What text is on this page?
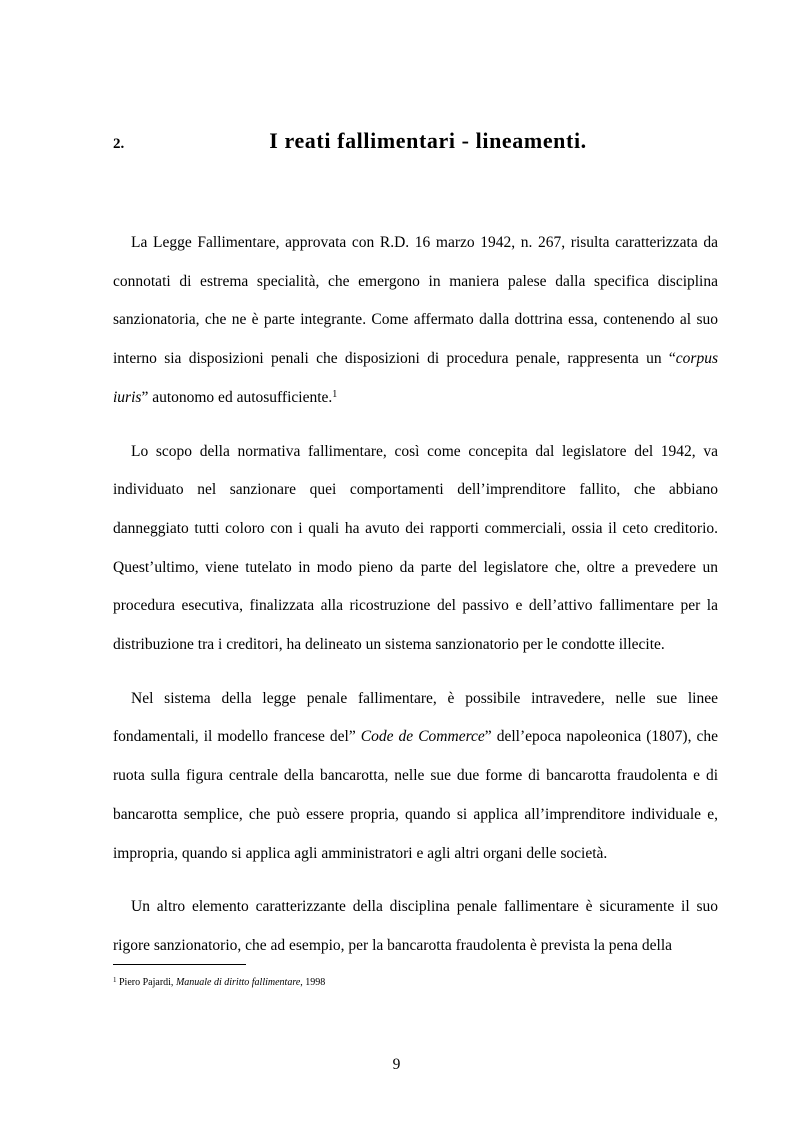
2.	I reati fallimentari - lineamenti.

La Legge Fallimentare, approvata con R.D. 16 marzo 1942, n. 267, risulta caratterizzata da connotati di estrema specialità, che emergono in maniera palese dalla specifica disciplina sanzionatoria, che ne è parte integrante. Come affermato dalla dottrina essa, contenendo al suo interno sia disposizioni penali che disposizioni di procedura penale, rappresenta un “corpus iuris” autonomo ed autosufficiente.$^1$

Lo scopo della normativa fallimentare, così come concepita dal legislatore del 1942, va individuato nel sanzionare quei comportamenti dell’imprenditore fallito, che abbiano danneggiato tutti coloro con i quali ha avuto dei rapporti commerciali, ossia il ceto creditorio. Quest’ultimo, viene tutelato in modo pieno da parte del legislatore che, oltre a prevedere un procedura esecutiva, finalizzata alla ricostruzione del passivo e dell’attivo fallimentare per la distribuzione tra i creditori, ha delineato un sistema sanzionatorio per le condotte illecite.

Nel sistema della legge penale fallimentare, è possibile intravedere, nelle sue linee fondamentali, il modello francese del” Code de Commerce” dell’epoca napoleonica (1807), che ruota sulla figura centrale della bancarotta, nelle sue due forme di bancarotta fraudolenta e di bancarotta semplice, che può essere propria, quando si applica all’imprenditore individuale e, impropria, quando si applica agli amministratori e agli altri organi delle società.

Un altro elemento caratterizzante della disciplina penale fallimentare è sicuramente il suo rigore sanzionatorio, che ad esempio, per la bancarotta fraudolenta è prevista la pena della

$^1$ Piero Pajardi, Manuale di diritto fallimentare, 1998
9
